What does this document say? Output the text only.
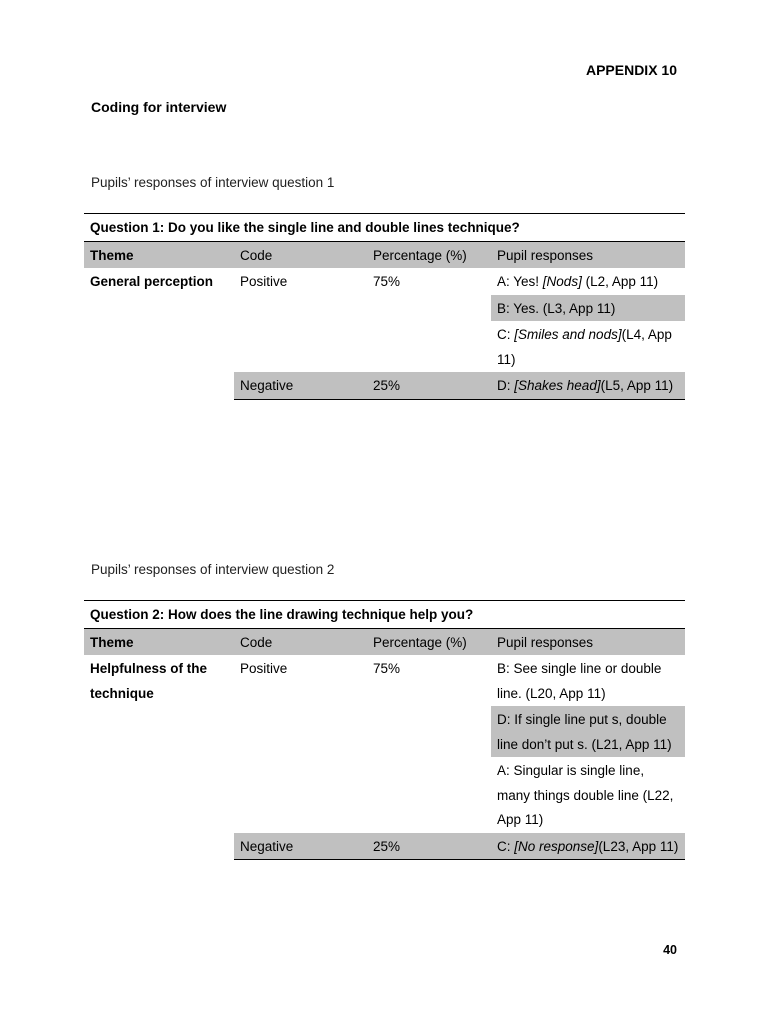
APPENDIX 10
Coding for interview
Pupils’ responses of interview question 1
Question 1: Do you like the single line and double lines technique?			
Theme	Code	Percentage (%)	Pupil responses
General perception	Positive	75%	A: Yes! [Nods] (L2, App 11)
			B: Yes. (L3, App 11)
			C: [Smiles and nods](L4, App 11)
	Negative	25%	D: [Shakes head](L5, App 11)
Pupils’ responses of interview question 2
Question 2: How does the line drawing technique help you?			
Theme	Code	Percentage (%)	Pupil responses
Helpfulness of the technique	Positive	75%	B: See single line or double line. (L20, App 11)
			D: If single line put s, double line don’t put s. (L21, App 11)
			A: Singular is single line, many things double line (L22, App 11)
	Negative	25%	C: [No response](L23, App 11)
40
